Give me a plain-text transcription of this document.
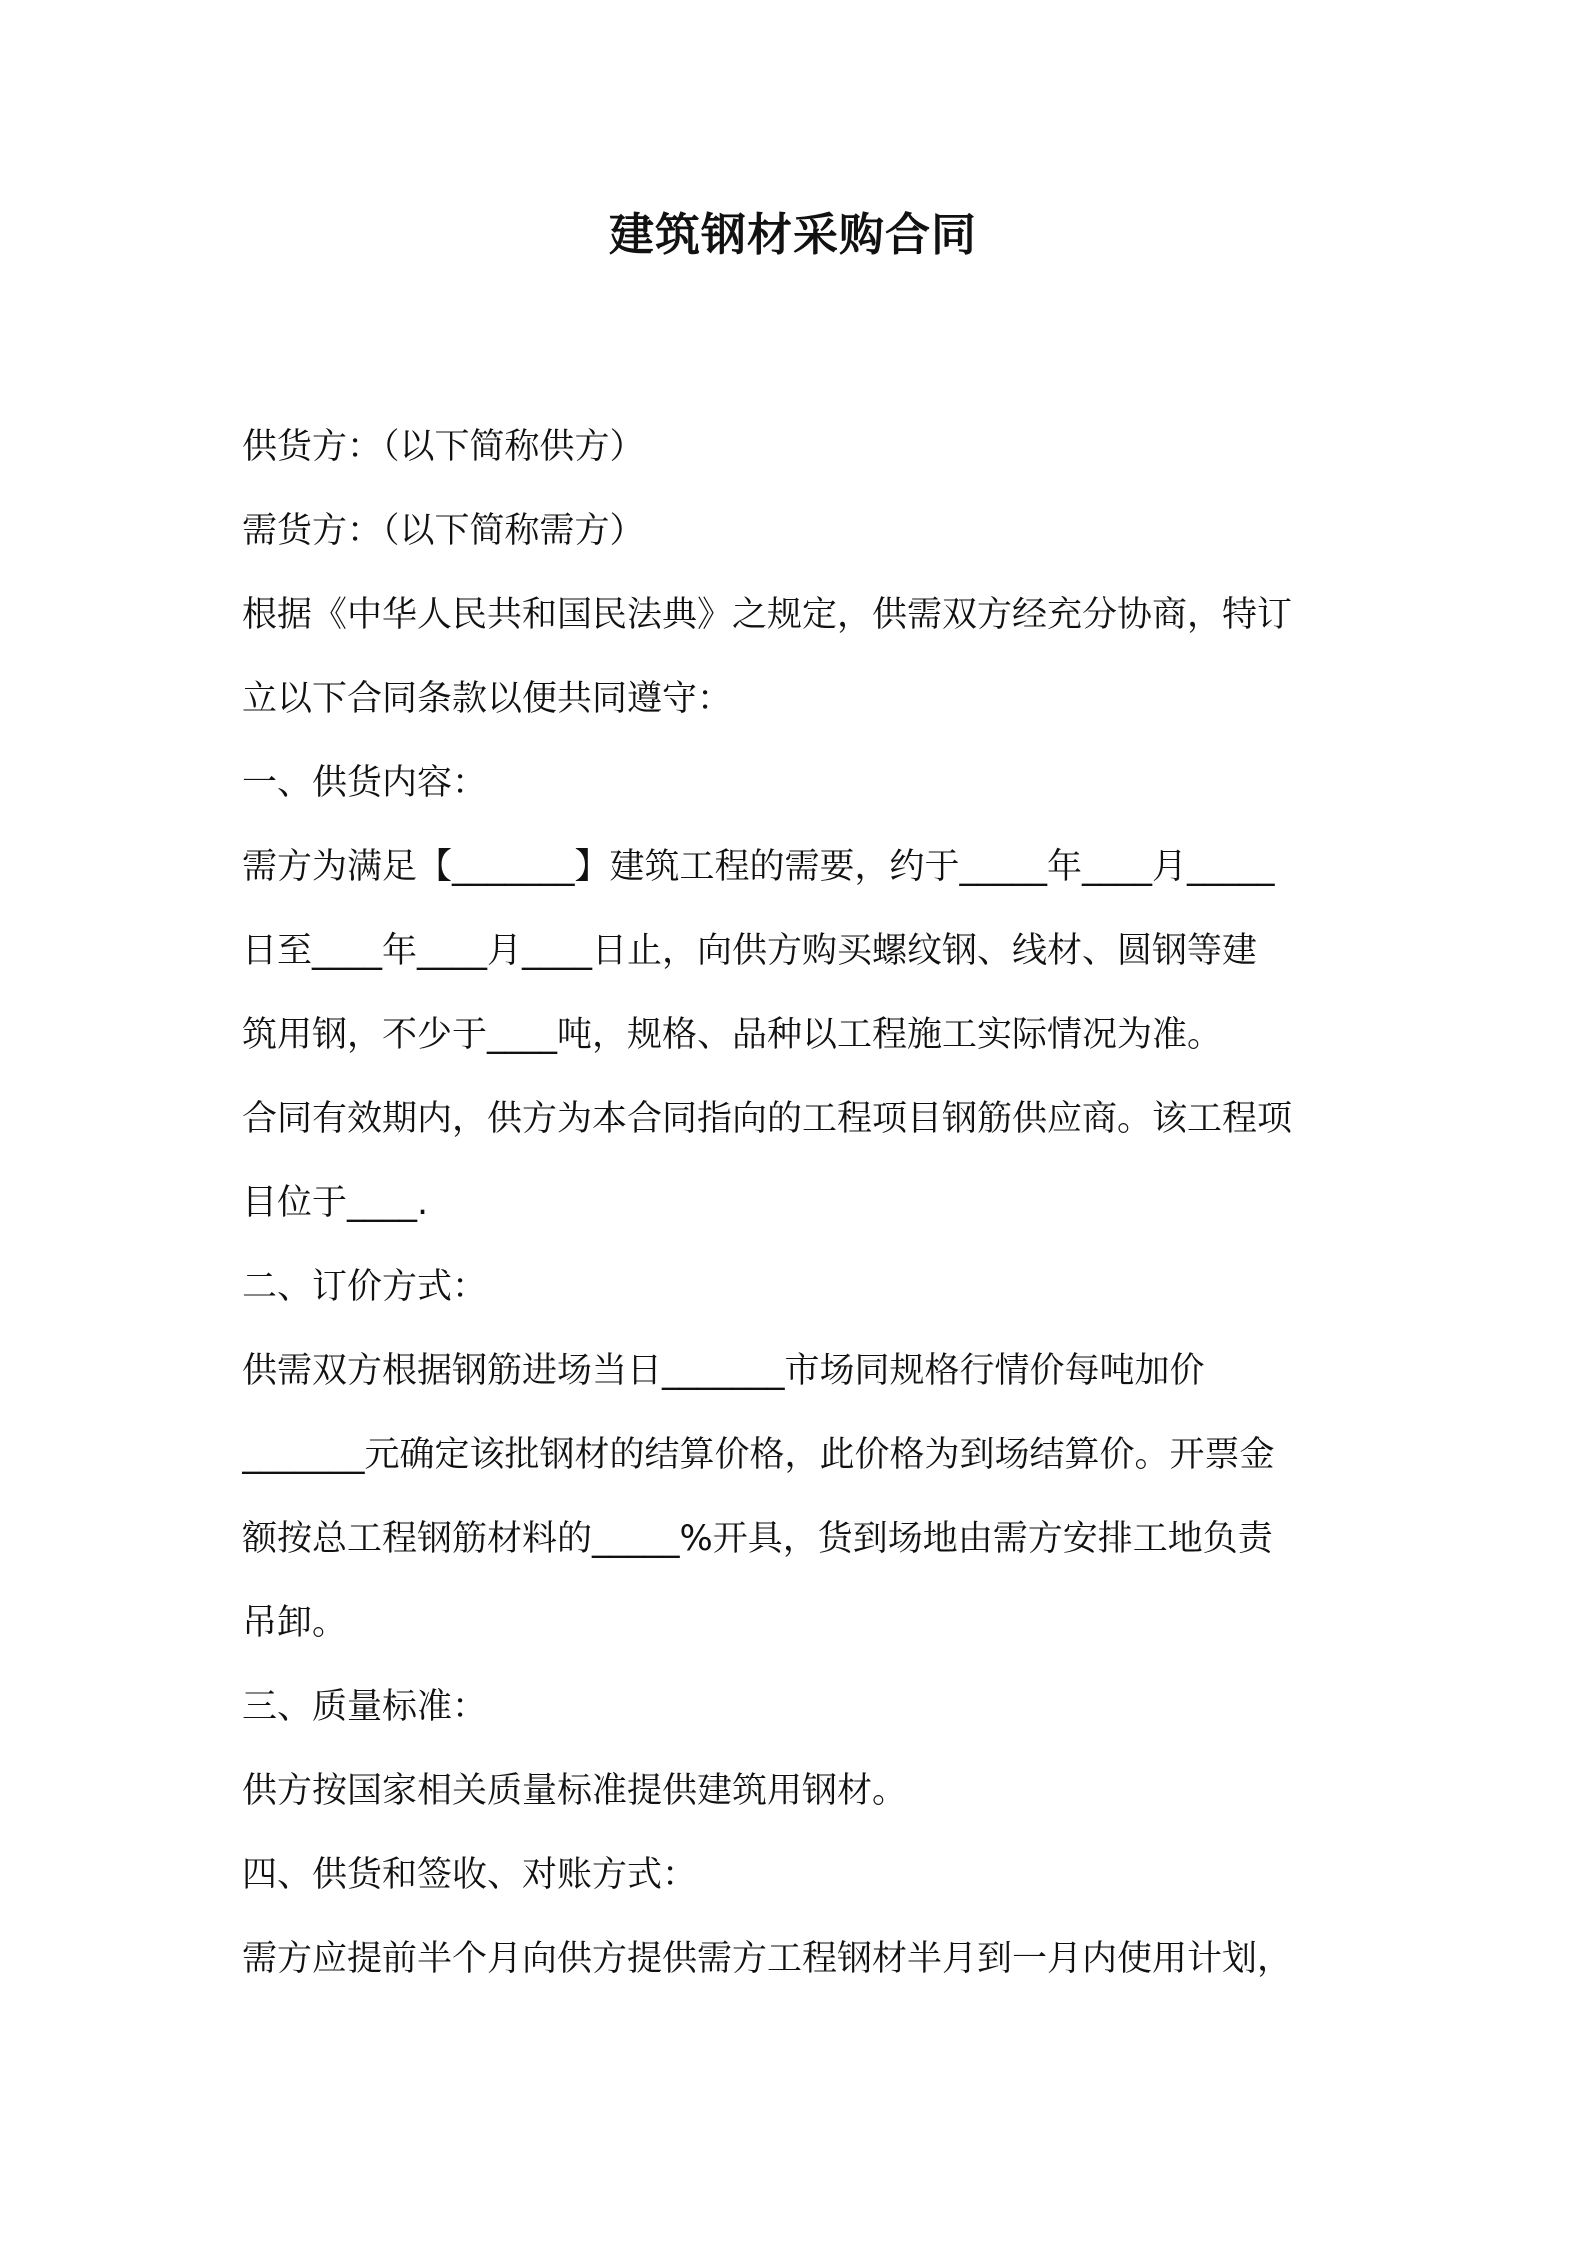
建筑钢材采购合同
供货方：（以下简称供方）
需货方：（以下简称需方）
根据《中华人民共和国民法典》之规定，供需双方经充分协商，特订
立以下合同条款以便共同遵守：
一、供货内容：
需方为满足【_______】建筑工程的需要，约于_____年____月_____
日至____年____月____日止，向供方购买螺纹钢、线材、圆钢等建
筑用钢，不少于____吨，规格、品种以工程施工实际情况为准。
合同有效期内，供方为本合同指向的工程项目钢筋供应商。该工程项
目位于____.
二、订价方式：
供需双方根据钢筋进场当日_______市场同规格行情价每吨加价
_______元确定该批钢材的结算价格，此价格为到场结算价。开票金
额按总工程钢筋材料的_____%开具，货到场地由需方安排工地负责
吊卸。
三、质量标准：
供方按国家相关质量标准提供建筑用钢材。
四、供货和签收、对账方式：
需方应提前半个月向供方提供需方工程钢材半月到一月内使用计划，
